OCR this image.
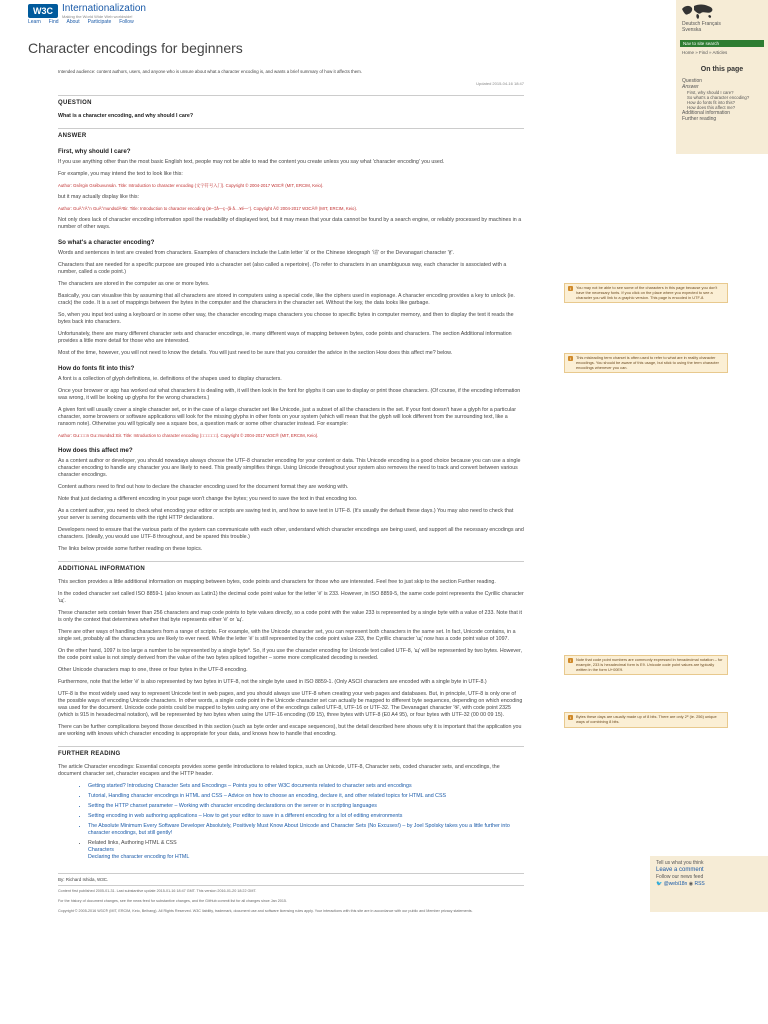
W3C Internationalization
Making the World Wide Web worldwide!
Learn Find About Participate Follow
Character encodings for beginners

Intended audience: content authors, users, and anyone who is unsure about what a character encoding is, and wants a brief summary of how it affects them.

Updated 2015-04-16 18:47

QUESTION

What is a character encoding, and why should I care?

ANSWER
First, why should I care?

If you use anything other than the most basic English text, people may not be able to read the content you create unless you say what 'character encoding' you used.

For example, you may intend the text to look like this:

Author: Gsêrgin Gsébuvunsán. Title: Introduction to character encoding (文字符号入门). Copyright © 2004-2017 W3C® (MIT, ERCIM, Keio).

but it may actually display like this:

Author: GuÃ°rÃ°n GuÃ°mundsdÃ³ttir. Title: Introduction to character encoding (æ–‡å—ç¬¦å·å…¥é—¨). Copyright Â© 2004-2017 W3CÂ® (MIT, ERCIM, Keio).

Not only does lack of character encoding information spoil the readability of displayed text, but it may mean that your data cannot be found by a search engine, or reliably processed by machines in a number of other ways.

So what's a character encoding?

Words and sentences in text are created from characters. Examples of characters include the Latin letter 'á' or the Chinese ideograph '请' or the Devanagari character 'ह'.

Characters that are needed for a specific purpose are grouped into a character set (also called a repertoire). (To refer to characters in an unambiguous way, each character is associated with a number, called a code point.)

The characters are stored in the computer as one or more bytes.

Basically, you can visualise this by assuming that all characters are stored in computers using a special code, like the ciphers used in espionage. A character encoding provides a key to unlock (ie. crack) the code. It is a set of mappings between the bytes in the computer and the characters in the character set. Without the key, the data looks like garbage.

So, when you input text using a keyboard or in some other way, the character encoding maps characters you choose to specific bytes in computer memory, and then to display the text it reads the bytes back into characters.

Unfortunately, there are many different character sets and character encodings, ie. many different ways of mapping between bytes, code points and characters. The section Additional information provides a little more detail for those who are interested.

Most of the time, however, you will not need to know the details. You will just need to be sure that you consider the advice in the section How does this affect me? below.

How do fonts fit into this?

A font is a collection of glyph definitions, ie. definitions of the shapes used to display characters.

Once your browser or app has worked out what characters it is dealing with, it will then look in the font for glyphs it can use to display or print those characters. (Of course, if the encoding information was wrong, it will be looking up glyphs for the wrong characters.)

A given font will usually cover a single character set, or in the case of a large character set like Unicode, just a subset of all the characters in the set. If your font doesn't have a glyph for a particular character, some browsers or software applications will look for the missing glyphs in other fonts on your system (which will mean that the glyph will look different from the surrounding text, like a ransom note). Otherwise you will typically see a square box, a question mark or some other character instead. For example:

Author: Gu□□□n Gu□mundsd□ttir. Title: Introduction to character encoding (□□□□□□). Copyright © 2004-2017 W3C® (MIT, ERCIM, Keio).

How does this affect me?

As a content author or developer, you should nowadays always choose the UTF-8 character encoding for your content or data. This Unicode encoding is a good choice because you can use a single character encoding to handle any character you are likely to need. This greatly simplifies things. Using Unicode throughout your system also removes the need to track and convert between various character encodings.

Content authors need to find out how to declare the character encoding used for the document format they are working with.

Note that just declaring a different encoding in your page won't change the bytes; you need to save the text in that encoding too.

As a content author, you need to check what encoding your editor or scripts are saving text in, and how to save text in UTF-8. (It's usually the default these days.) You may also need to check that your server is serving documents with the right HTTP declarations.

Developers need to ensure that the various parts of the system can communicate with each other, understand which character encodings are being used, and support all the necessary encodings and characters. (Ideally, you would use UTF-8 throughout, and be spared this trouble.)

The links below provide some further reading on these topics.

ADDITIONAL INFORMATION

This section provides a little additional information on mapping between bytes, code points and characters for those who are interested. Feel free to just skip to the section Further reading.

In the coded character set called ISO 8859-1 (also known as Latin1) the decimal code point value for the letter 'é' is 233. However, in ISO 8859-5, the same code point represents the Cyrillic character 'щ'.

These character sets contain fewer than 256 characters and map code points to byte values directly, so a code point with the value 233 is represented by a single byte with a value of 233. Note that it is only the context that determines whether that byte represents either 'é' or 'щ'.

There are other ways of handling characters from a range of scripts. For example, with the Unicode character set, you can represent both characters in the same set. In fact, Unicode contains, in a single set, probably all the characters you are likely to ever need. While the letter 'é' is still represented by the code point value 233, the Cyrillic character 'щ' now has a code point value of 1097.

On the other hand, 1097 is too large a number to be represented by a single byte*. So, if you use the character encoding for Unicode text called UTF-8, 'щ' will be represented by two bytes. However, the code point value is not simply derived from the value of the two bytes spliced together – some more complicated decoding is needed.

Other Unicode characters map to one, three or four bytes in the UTF-8 encoding.

Furthermore, note that the letter 'é' is also represented by two bytes in UTF-8, not the single byte used in ISO 8859-1. (Only ASCII characters are encoded with a single byte in UTF-8.)

UTF-8 is the most widely used way to represent Unicode text in web pages, and you should always use UTF-8 when creating your web pages and databases. But, in principle, UTF-8 is only one of the possible ways of encoding Unicode characters. In other words, a single code point in the Unicode character set can actually be mapped to different byte sequences, depending on which encoding was used for the document. Unicode code points could be mapped to bytes using any one of the encodings called UTF-8, UTF-16 or UTF-32. The Devanagari character 'क', with code point 2325 (which is 915 in hexadecimal notation), will be represented by two bytes when using the UTF-16 encoding (09 15), three bytes with UTF-8 (E0 A4 95), or four bytes with UTF-32 (00 00 09 15).

There can be further complications beyond those described in this section (such as byte order and escape sequences), but the detail described here shows why it is important that the application you are working with knows which character encoding is appropriate for your data, and knows how to handle that encoding.

FURTHER READING

The article Character encodings: Essential concepts provides some gentle introductions to related topics, such as Unicode, UTF-8, Character sets, coded character sets, and encodings, the document character set, character escapes and the HTTP header.

• Getting started? Introducing Character Sets and Encodings – Points you to other W3C documents related to character sets and encodings
• Tutorial, Handling character encodings in HTML and CSS – Advice on how to choose an encoding, declare it, and other related topics for HTML and CSS
• Setting the HTTP charset parameter – Working with character encoding declarations on the server or in scripting languages
• Setting encoding in web authoring applications – How to get your editor to save in a different encoding for a lot of editing environments
• The Absolute Minimum Every Software Developer Absolutely, Positively Must Know About Unicode and Character Sets (No Excuses!) – by Joel Spolsky takes you a little further into character encodings, but still gently!
• Related links, Authoring HTML & CSS
Characters
Declaring the character encoding for HTML
By: Richard Ishida, W3C.

Content first published 2005-01-31. Last substantive update 2015-01-16 18:47 GMT. This version 2016-01-20 18:22 GMT.

For the history of document changes, see the news feed for substantive changes, and the GitHub commit list for all changes since Jan 2015.

Copyright © 2005-2016 W3C® (MIT, ERCIM, Keio, Beihang). All Rights Reserved. W3C liability, trademark, document use and software licensing rules apply. Your interactions with this site are in accordance with our public and Member privacy statements.

Deutsch Français
Svenska
Nav to site search
Home » Find » Articles
On this page
Question
Answer
First, why should I care?
So what's a character encoding?
How do fonts fit into this?
How does this affect me?
Additional information
Further reading
i	You may not be able to see some of the characters in this page because you don't have the necessary fonts. If you click on the place where you expected to see a character you will link to a graphic version. This page is encoded in UTF-8.
i	This misleading term charset is often used to refer to what are in reality character encodings. You should be aware of this usage, but stick to using the term character encodings whenever you can.
i	Note that code point numbers are commonly expressed in hexadecimal notation – for example, 233 is hexadecimal form is E9. Unicode code point values are typically written in the form U+00E9.
i	Bytes these days are usually made up of 8 bits. There are only 2⁸ (ie. 256) unique ways of combining 8 bits.
Tell us what you think
Leave a comment
Follow our news feed
🐦 @webi18n ◉ RSS
